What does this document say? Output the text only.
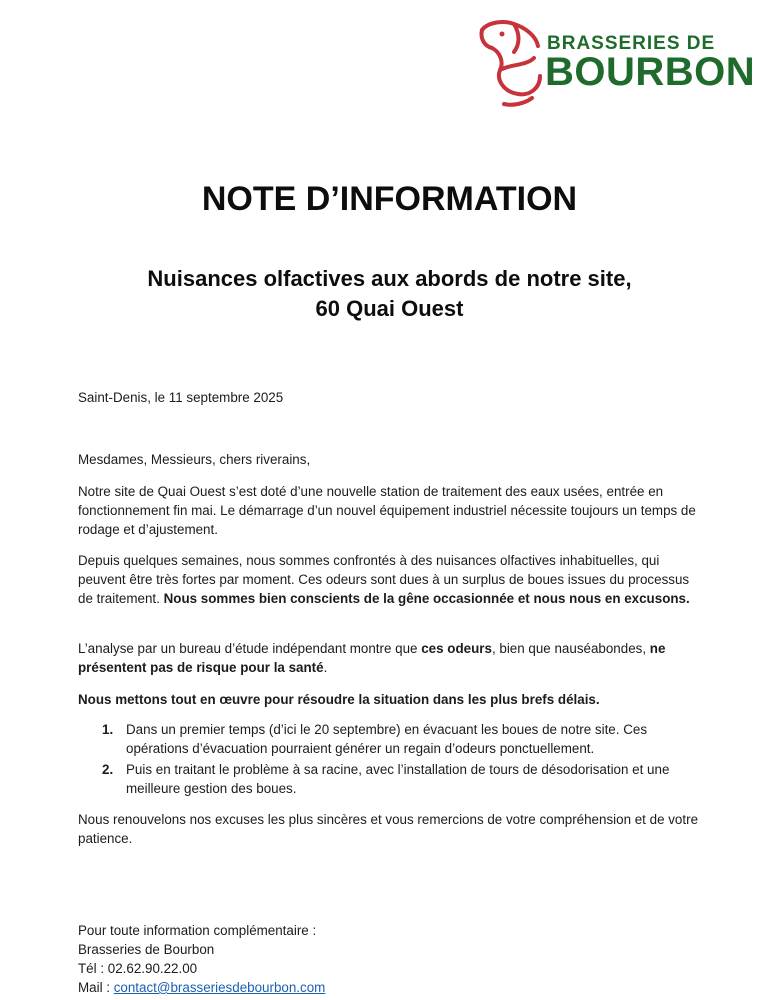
BRASSERIES DE
BOURBON
NOTE D’INFORMATION
Nuisances olfactives aux abords de notre site,
60 Quai Ouest
Saint-Denis, le 11 septembre 2025
Mesdames, Messieurs, chers riverains,
Notre site de Quai Ouest s’est doté d’une nouvelle station de traitement des eaux usées, entrée en fonctionnement fin mai. Le démarrage d’un nouvel équipement industriel nécessite toujours un temps de rodage et d’ajustement.
Depuis quelques semaines, nous sommes confrontés à des nuisances olfactives inhabituelles, qui peuvent être très fortes par moment. Ces odeurs sont dues à un surplus de boues issues du processus de traitement. Nous sommes bien conscients de la gêne occasionnée et nous nous en excusons.
L’analyse par un bureau d’étude indépendant montre que ces odeurs, bien que nauséabondes, ne présentent pas de risque pour la santé.
Nous mettons tout en œuvre pour résoudre la situation dans les plus brefs délais.
1. Dans un premier temps (d’ici le 20 septembre) en évacuant les boues de notre site. Ces opérations d’évacuation pourraient générer un regain d’odeurs ponctuellement.
2. Puis en traitant le problème à sa racine, avec l’installation de tours de désodorisation et une meilleure gestion des boues.
Nous renouvelons nos excuses les plus sincères et vous remercions de votre compréhension et de votre patience.
Pour toute information complémentaire :
Brasseries de Bourbon
Tél : 02.62.90.22.00
Mail : contact@brasseriesdebourbon.com
